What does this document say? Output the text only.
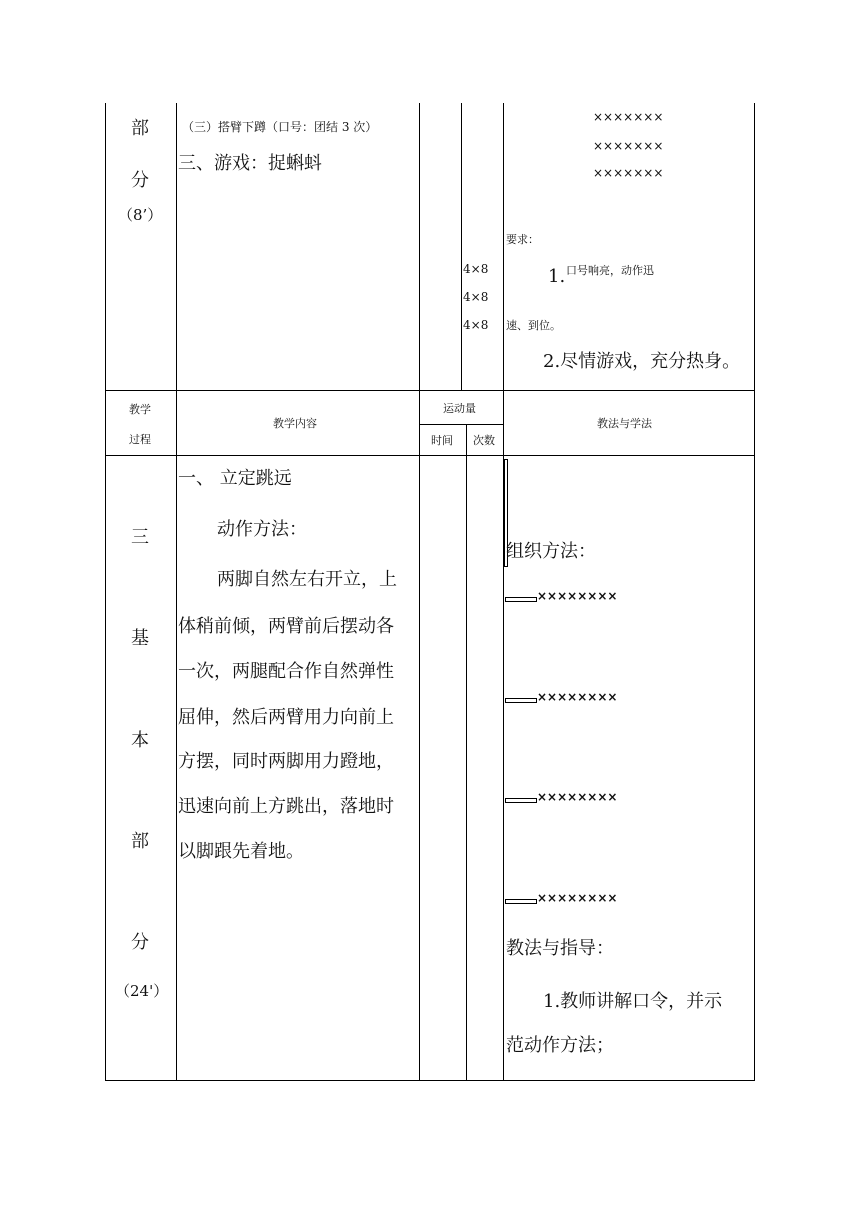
部
分
（8’）
（三）搭臂下蹲（口号：团结 3 次）
三、游戏：捉蝌蚪
4×8
4×8
4×8
×××××××
×××××××
×××××××
要求：
1. 口号响亮，动作迅
速、到位。
2.尽情游戏，充分热身。
教学
过程
教学内容
运动量
时间 次数
教法与学法
三
基
本
部
分
（24'）
一、 立定跳远
动作方法：
两脚自然左右开立，上
体稍前倾，两臂前后摆动各
一次，两腿配合作自然弹性
屈伸，然后两臂用力向前上
方摆，同时两脚用力蹬地，
迅速向前上方跳出，落地时
以脚跟先着地。
组织方法：
××××××××
××××××××
××××××××
××××××××
教法与指导：
1.教师讲解口令，并示
范动作方法；
